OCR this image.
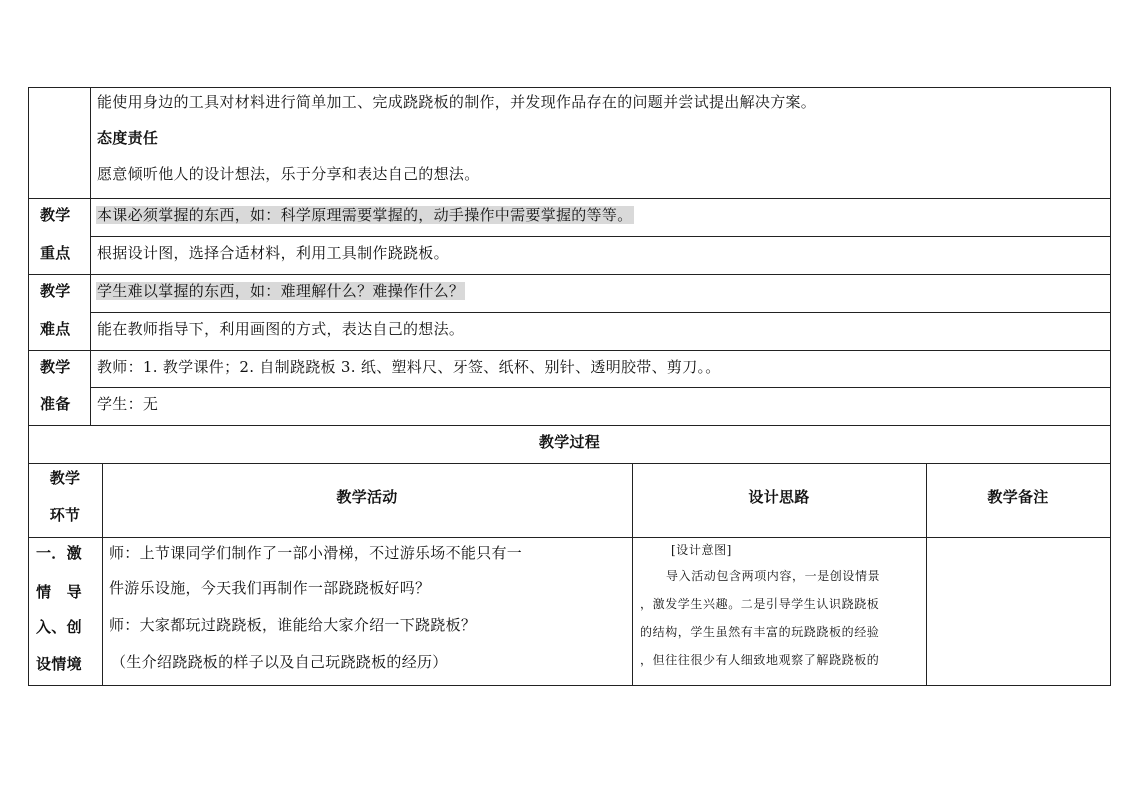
能使用身边的工具对材料进行简单加工、完成跷跷板的制作，并发现作品存在的问题并尝试提出解决方案。
态度责任
愿意倾听他人的设计想法，乐于分享和表达自己的想法。
教学
重点
本课必须掌握的东西，如：科学原理需要掌握的，动手操作中需要掌握的等等。
根据设计图，选择合适材料，利用工具制作跷跷板。
教学
难点
学生难以掌握的东西，如：难理解什么？难操作什么？
能在教师指导下，利用画图的方式，表达自己的想法。
教学
准备
教师：1. 教学课件；2. 自制跷跷板 3. 纸、塑料尺、牙签、纸杯、别针、透明胶带、剪刀。。
学生：无
教学过程
教学
环节
教学活动	设计思路	教学备注
一．激
情　导
入、创
设情境
师：上节课同学们制作了一部小滑梯，不过游乐场不能只有一
件游乐设施，今天我们再制作一部跷跷板好吗？
师：大家都玩过跷跷板，谁能给大家介绍一下跷跷板？
（生介绍跷跷板的样子以及自己玩跷跷板的经历）
[设计意图]
导入活动包含两项内容，一是创设情景
，激发学生兴趣。二是引导学生认识跷跷板
的结构，学生虽然有丰富的玩跷跷板的经验
，但往往很少有人细致地观察了解跷跷板的
